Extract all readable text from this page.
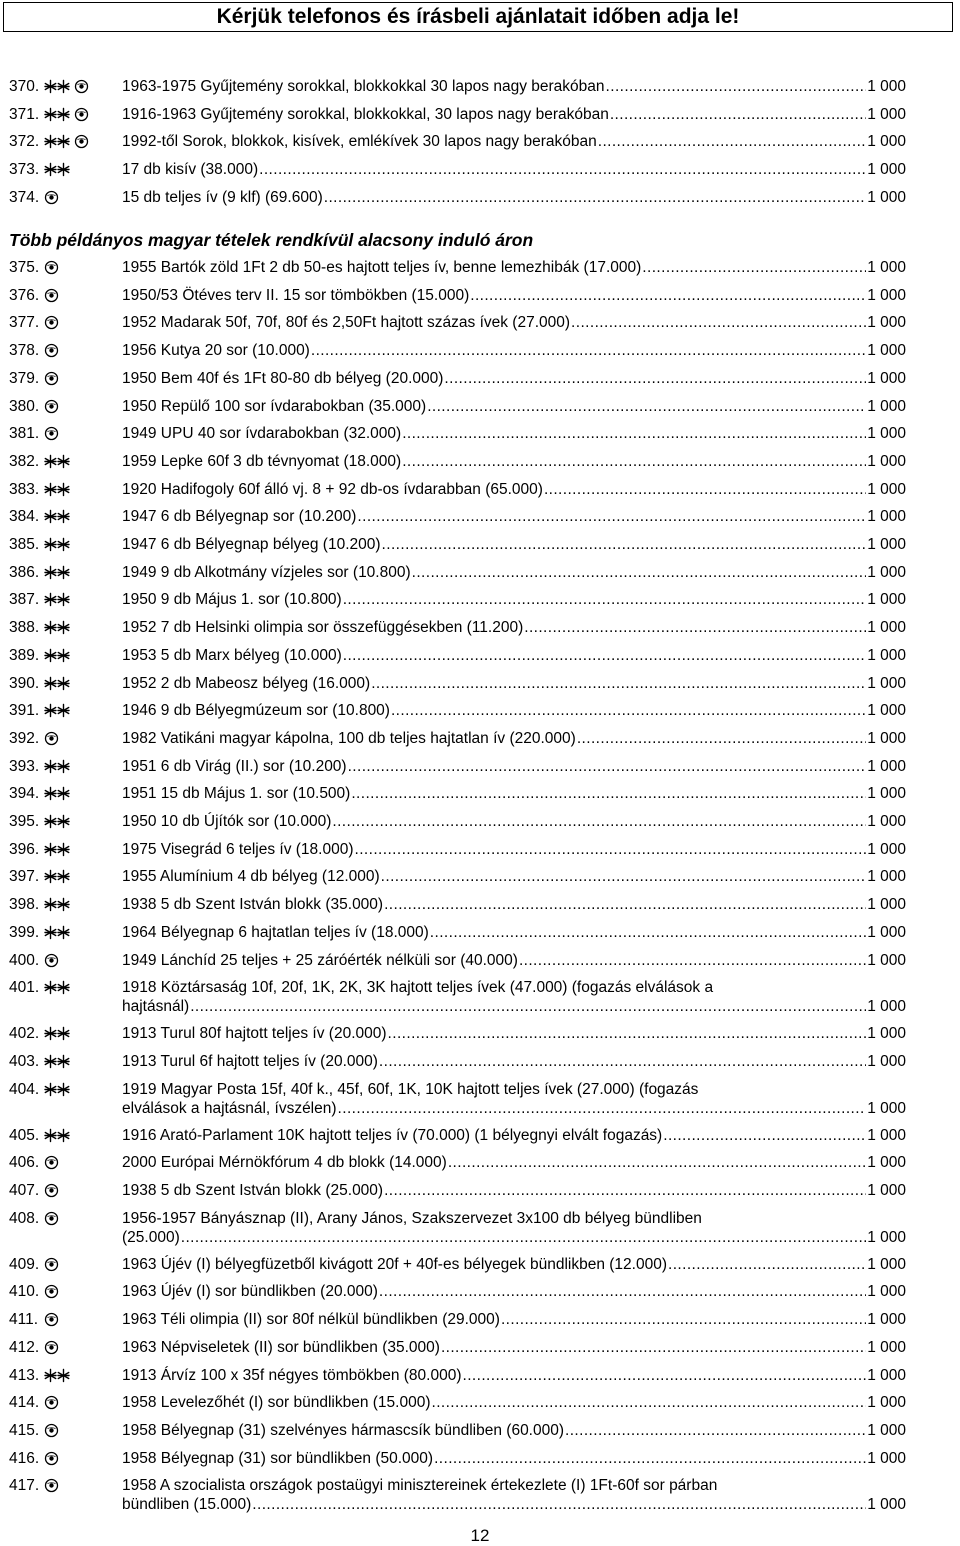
Kérjük telefonos és írásbeli ajánlatait időben adja le!
Több példányos magyar tételek rendkívül alacsony induló áron
370.	1963-1975 Gyűjtemény sorokkal, blokkokkal 30 lapos nagy berakóban .....	1 000
371.	1916-1963 Gyűjtemény sorokkal, blokkokkal, 30 lapos nagy berakóban .....	1 000
372.	1992-től Sorok, blokkok, kisívek, emlékívek 30 lapos nagy berakóban .....	1 000
373.	17 db kisív (38.000) .....	1 000
374.	15 db teljes ív (9 klf) (69.600) .....	1 000
375.	1955 Bartók zöld 1Ft 2 db 50-es hajtott teljes ív, benne lemezhibák (17.000) .....	1 000
376.	1950/53 Ötéves terv II. 15 sor tömbökben (15.000) .....	1 000
377.	1952 Madarak 50f, 70f, 80f és 2,50Ft hajtott százas ívek (27.000) .....	1 000
378.	1956 Kutya 20 sor (10.000) .....	1 000
379.	1950 Bem 40f és 1Ft 80-80 db bélyeg (20.000) .....	1 000
380.	1950 Repülő 100 sor ívdarabokban (35.000) .....	1 000
381.	1949 UPU 40 sor ívdarabokban (32.000) .....	1 000
382.	1959 Lepke 60f 3 db tévnyomat (18.000) .....	1 000
383.	1920 Hadifogoly 60f álló vj. 8 + 92 db-os ívdarabban (65.000) .....	1 000
384.	1947 6 db Bélyegnap sor (10.200) .....	1 000
385.	1947 6 db Bélyegnap bélyeg (10.200) .....	1 000
386.	1949 9 db Alkotmány vízjeles sor (10.800) .....	1 000
387.	1950 9 db Május 1. sor (10.800) .....	1 000
388.	1952 7 db Helsinki olimpia sor összefüggésekben (11.200) .....	1 000
389.	1953 5 db Marx bélyeg (10.000) .....	1 000
390.	1952 2 db Mabeosz bélyeg (16.000) .....	1 000
391.	1946 9 db Bélyegmúzeum sor (10.800) .....	1 000
392.	1982 Vatikáni magyar kápolna, 100 db teljes hajtatlan ív (220.000) .....	1 000
393.	1951 6 db Virág (II.) sor (10.200) .....	1 000
394.	1951 15 db Május 1. sor (10.500) .....	1 000
395.	1950 10 db Újítók sor (10.000) .....	1 000
396.	1975 Visegrád 6 teljes ív (18.000) .....	1 000
397.	1955 Alumínium 4 db bélyeg (12.000) .....	1 000
398.	1938 5 db Szent István blokk (35.000) .....	1 000
399.	1964 Bélyegnap 6 hajtatlan teljes ív (18.000) .....	1 000
400.	1949 Lánchíd 25 teljes + 25 záróérték nélküli sor (40.000) .....	1 000
401.	1918 Köztársaság 10f, 20f, 1K, 2K, 3K hajtott teljes ívek (47.000) (fogazás elválások a
hajtásnál) .....	1 000
402.	1913 Turul 80f hajtott teljes ív (20.000) .....	1 000
403.	1913 Turul 6f hajtott teljes ív (20.000) .....	1 000
404.	1919 Magyar Posta 15f, 40f k., 45f, 60f, 1K, 10K hajtott teljes ívek (27.000) (fogazás
elválások a hajtásnál, ívszélen) .....	1 000
405.	1916 Arató-Parlament 10K hajtott teljes ív (70.000) (1 bélyegnyi elvált fogazás) .....	1 000
406.	2000 Európai Mérnökfórum 4 db blokk (14.000) .....	1 000
407.	1938 5 db Szent István blokk (25.000) .....	1 000
408.	1956-1957 Bányásznap (II), Arany János, Szakszervezet 3x100 db bélyeg bündliben
(25.000) .....	1 000
409.	1963 Újév (I) bélyegfüzetből kivágott 20f + 40f-es bélyegek bündlikben (12.000) .....	1 000
410.	1963 Újév (I) sor bündlikben (20.000) .....	1 000
411.	1963 Téli olimpia (II) sor 80f nélkül bündlikben (29.000) .....	1 000
412.	1963 Népviseletek (II) sor bündlikben (35.000) .....	1 000
413.	1913 Árvíz 100 x 35f négyes tömbökben (80.000) .....	1 000
414.	1958 Levelezőhét (I) sor bündlikben (15.000) .....	1 000
415.	1958 Bélyegnap (31) szelvényes hármascsík bündliben (60.000) .....	1 000
416.	1958 Bélyegnap (31) sor bündlikben (50.000) .....	1 000
417.	1958 A szocialista országok postaügyi minisztereinek értekezlete (I) 1Ft-60f sor párban
bündliben (15.000) .....	1 000
12
